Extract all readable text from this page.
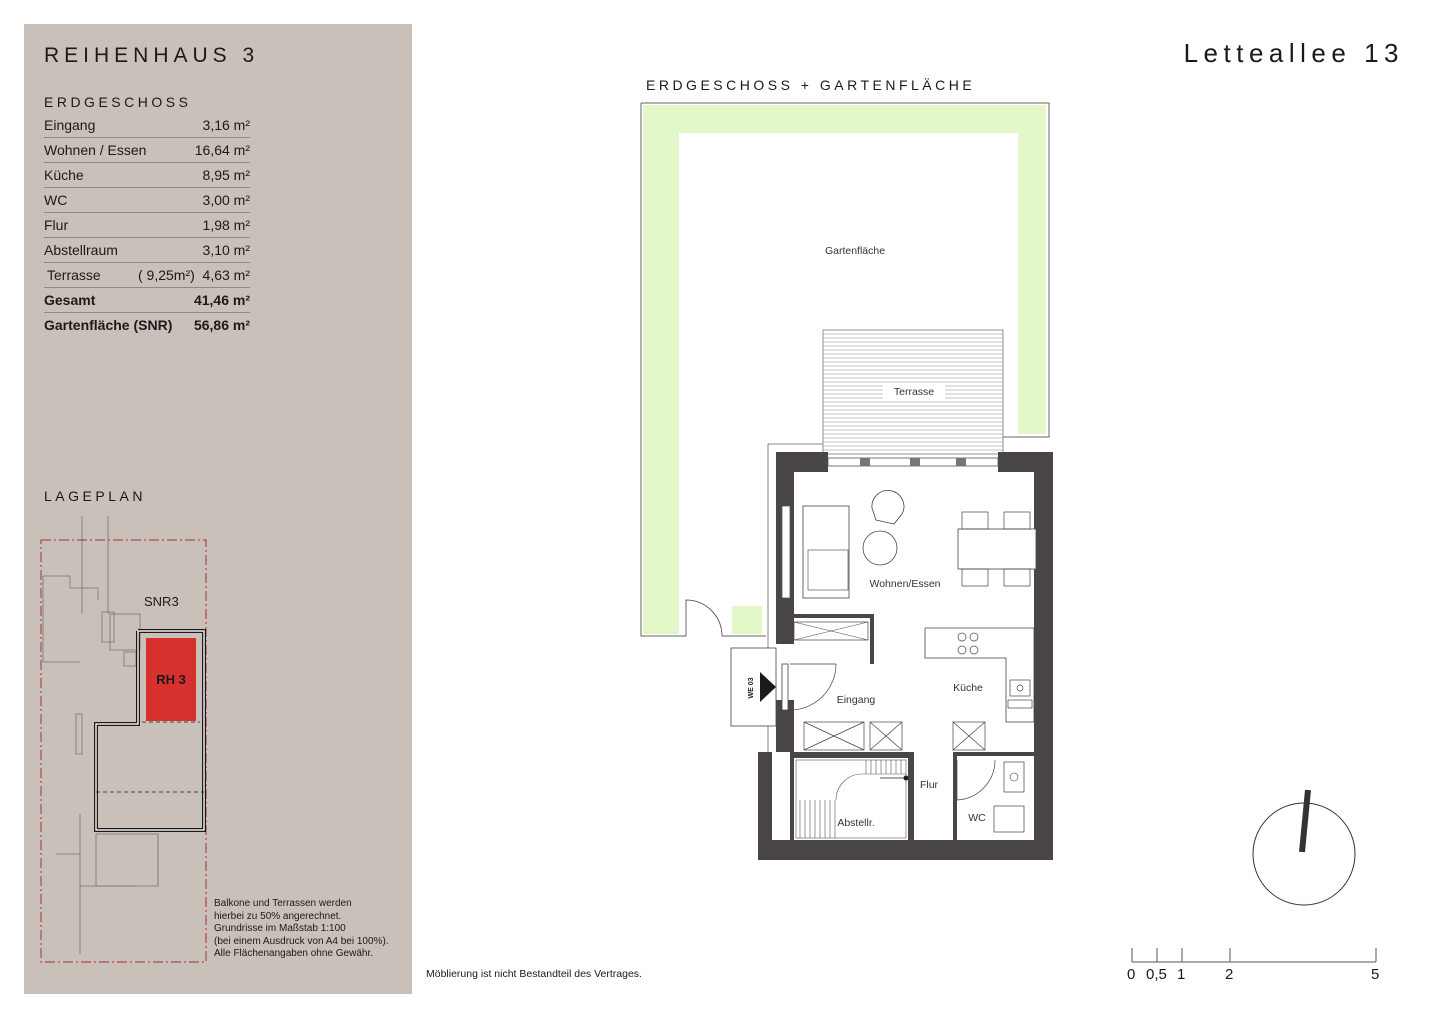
REIHENHAUS 3
ERDGESCHOSS
Eingang	3,16 m²
Wohnen / Essen	16,64 m²
Küche	8,95 m²
WC	3,00 m²
Flur	1,98 m²
Abstellraum	3,10 m²
Terrasse	( 9,25m²) 4,63 m²
Gesamt	41,46 m²
Gartenfläche (SNR) 56,86 m²
LAGEPLAN
SNR3
RH 3
Balkone und Terrassen werden
hierbei zu 50% angerechnet.
Grundrisse im Maßstab 1:100
(bei einem Ausdruck von A4 bei 100%).
Alle Flächenangaben ohne Gewähr.
Letteallee 13
ERDGESCHOSS + GARTENFLÄCHE
Gartenfläche
Terrasse
Wohnen/Essen
Küche
WE 03
Eingang
Abstellr.
Flur
WC
0 0,5 1	2	5
Möblierung ist nicht Bestandteil des Vertrages.
